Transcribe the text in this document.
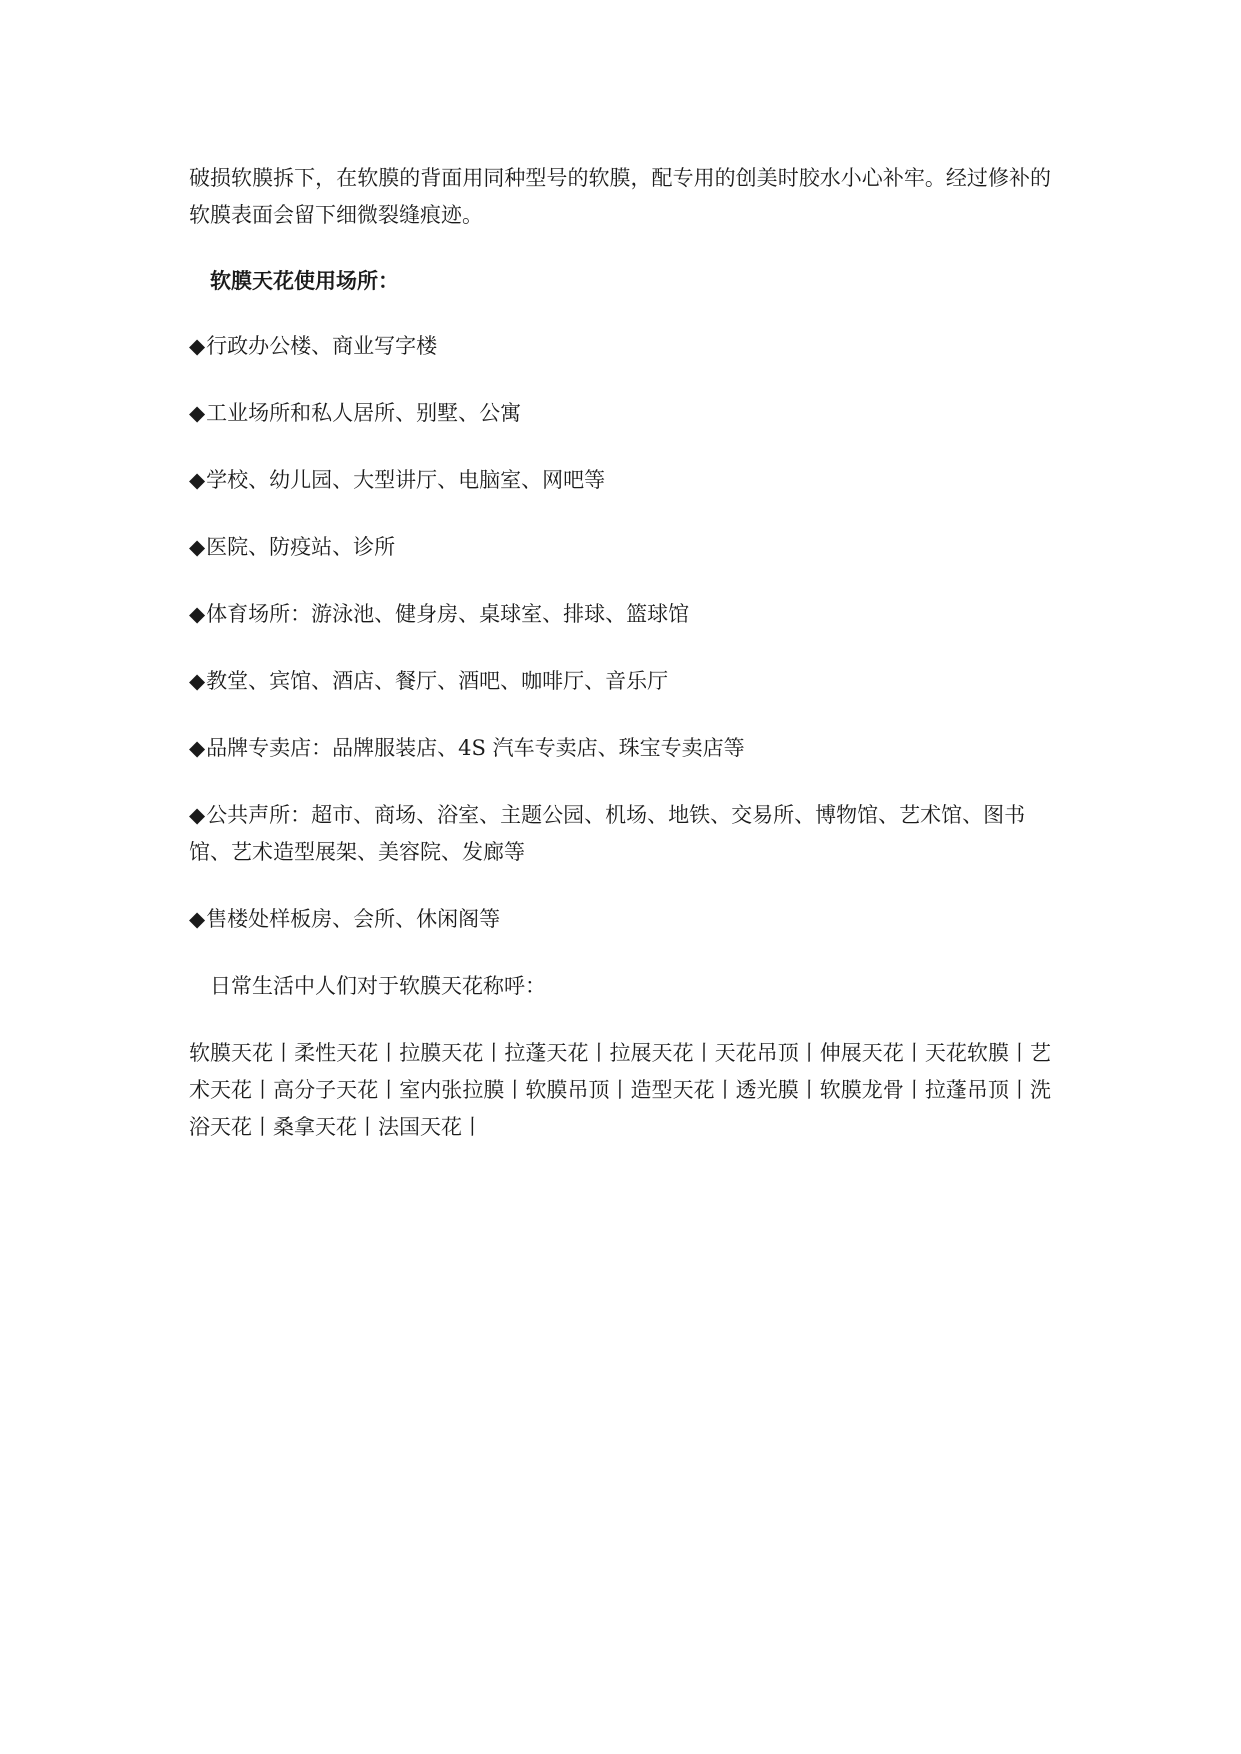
破损软膜拆下，在软膜的背面用同种型号的软膜，配专用的创美时胶水小心补牢。经过修补的软膜表面会留下细微裂缝痕迹。

软膜天花使用场所：

◆行政办公楼、商业写字楼

◆工业场所和私人居所、别墅、公寓

◆学校、幼儿园、大型讲厅、电脑室、网吧等

◆医院、防疫站、诊所

◆体育场所：游泳池、健身房、桌球室、排球、篮球馆

◆教堂、宾馆、酒店、餐厅、酒吧、咖啡厅、音乐厅

◆品牌专卖店：品牌服装店、4S 汽车专卖店、珠宝专卖店等

◆公共声所：超市、商场、浴室、主题公园、机场、地铁、交易所、博物馆、艺术馆、图书馆、艺术造型展架、美容院、发廊等

◆售楼处样板房、会所、休闲阁等

日常生活中人们对于软膜天花称呼：

软膜天花丨柔性天花丨拉膜天花丨拉蓬天花丨拉展天花丨天花吊顶丨伸展天花丨天花软膜丨艺术天花丨高分子天花丨室内张拉膜丨软膜吊顶丨造型天花丨透光膜丨软膜龙骨丨拉蓬吊顶丨洗浴天花丨桑拿天花丨法国天花丨
